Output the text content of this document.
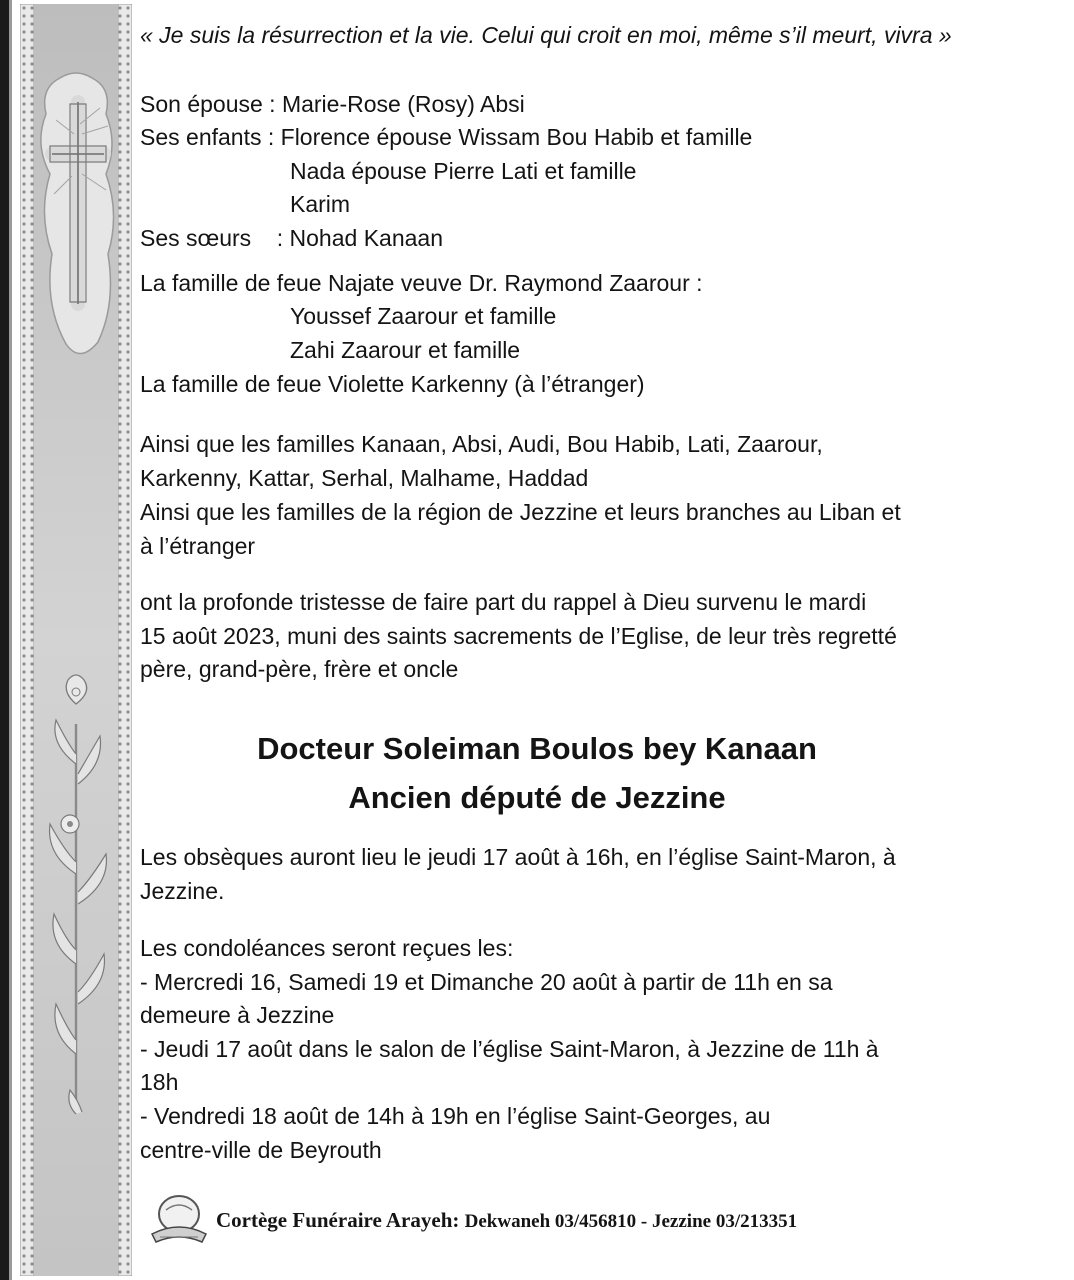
« Je suis la résurrection et la vie. Celui qui croit en moi, même s’il meurt, vivra »
Son épouse : Marie-Rose (Rosy) Absi
Ses enfants : Florence épouse Wissam Bou Habib et famille
Nada épouse Pierre Lati et famille
Karim
Ses sœurs    : Nohad Kanaan
La famille de feue Najate veuve Dr. Raymond Zaarour :
Youssef Zaarour et famille
Zahi Zaarour et famille
La famille de feue Violette Karkenny (à l’étranger)
Ainsi que les familles Kanaan, Absi, Audi, Bou Habib, Lati, Zaarour,
Karkenny, Kattar, Serhal, Malhame, Haddad
Ainsi que les familles de la région de Jezzine et leurs branches au Liban et
à l’étranger
ont la profonde tristesse de faire part du rappel à Dieu survenu le mardi
15 août 2023, muni des saints sacrements de l’Eglise, de leur très regretté
père, grand-père, frère et oncle
Les obsèques auront lieu le jeudi 17 août à 16h, en l’église Saint-Maron, à
Jezzine.
Les condoléances seront reçues les:
- Mercredi 16, Samedi 19 et Dimanche 20 août à partir de 11h en sa
demeure à Jezzine
- Jeudi 17 août dans le salon de l’église Saint-Maron, à Jezzine de 11h à
18h
- Vendredi 18 août de 14h à 19h en l’église Saint-Georges, au
centre-ville de Beyrouth
Docteur Soleiman Boulos bey Kanaan
Ancien député de Jezzine
Cortège Funéraire Arayeh: Dekwaneh 03/456810 - Jezzine 03/213351
